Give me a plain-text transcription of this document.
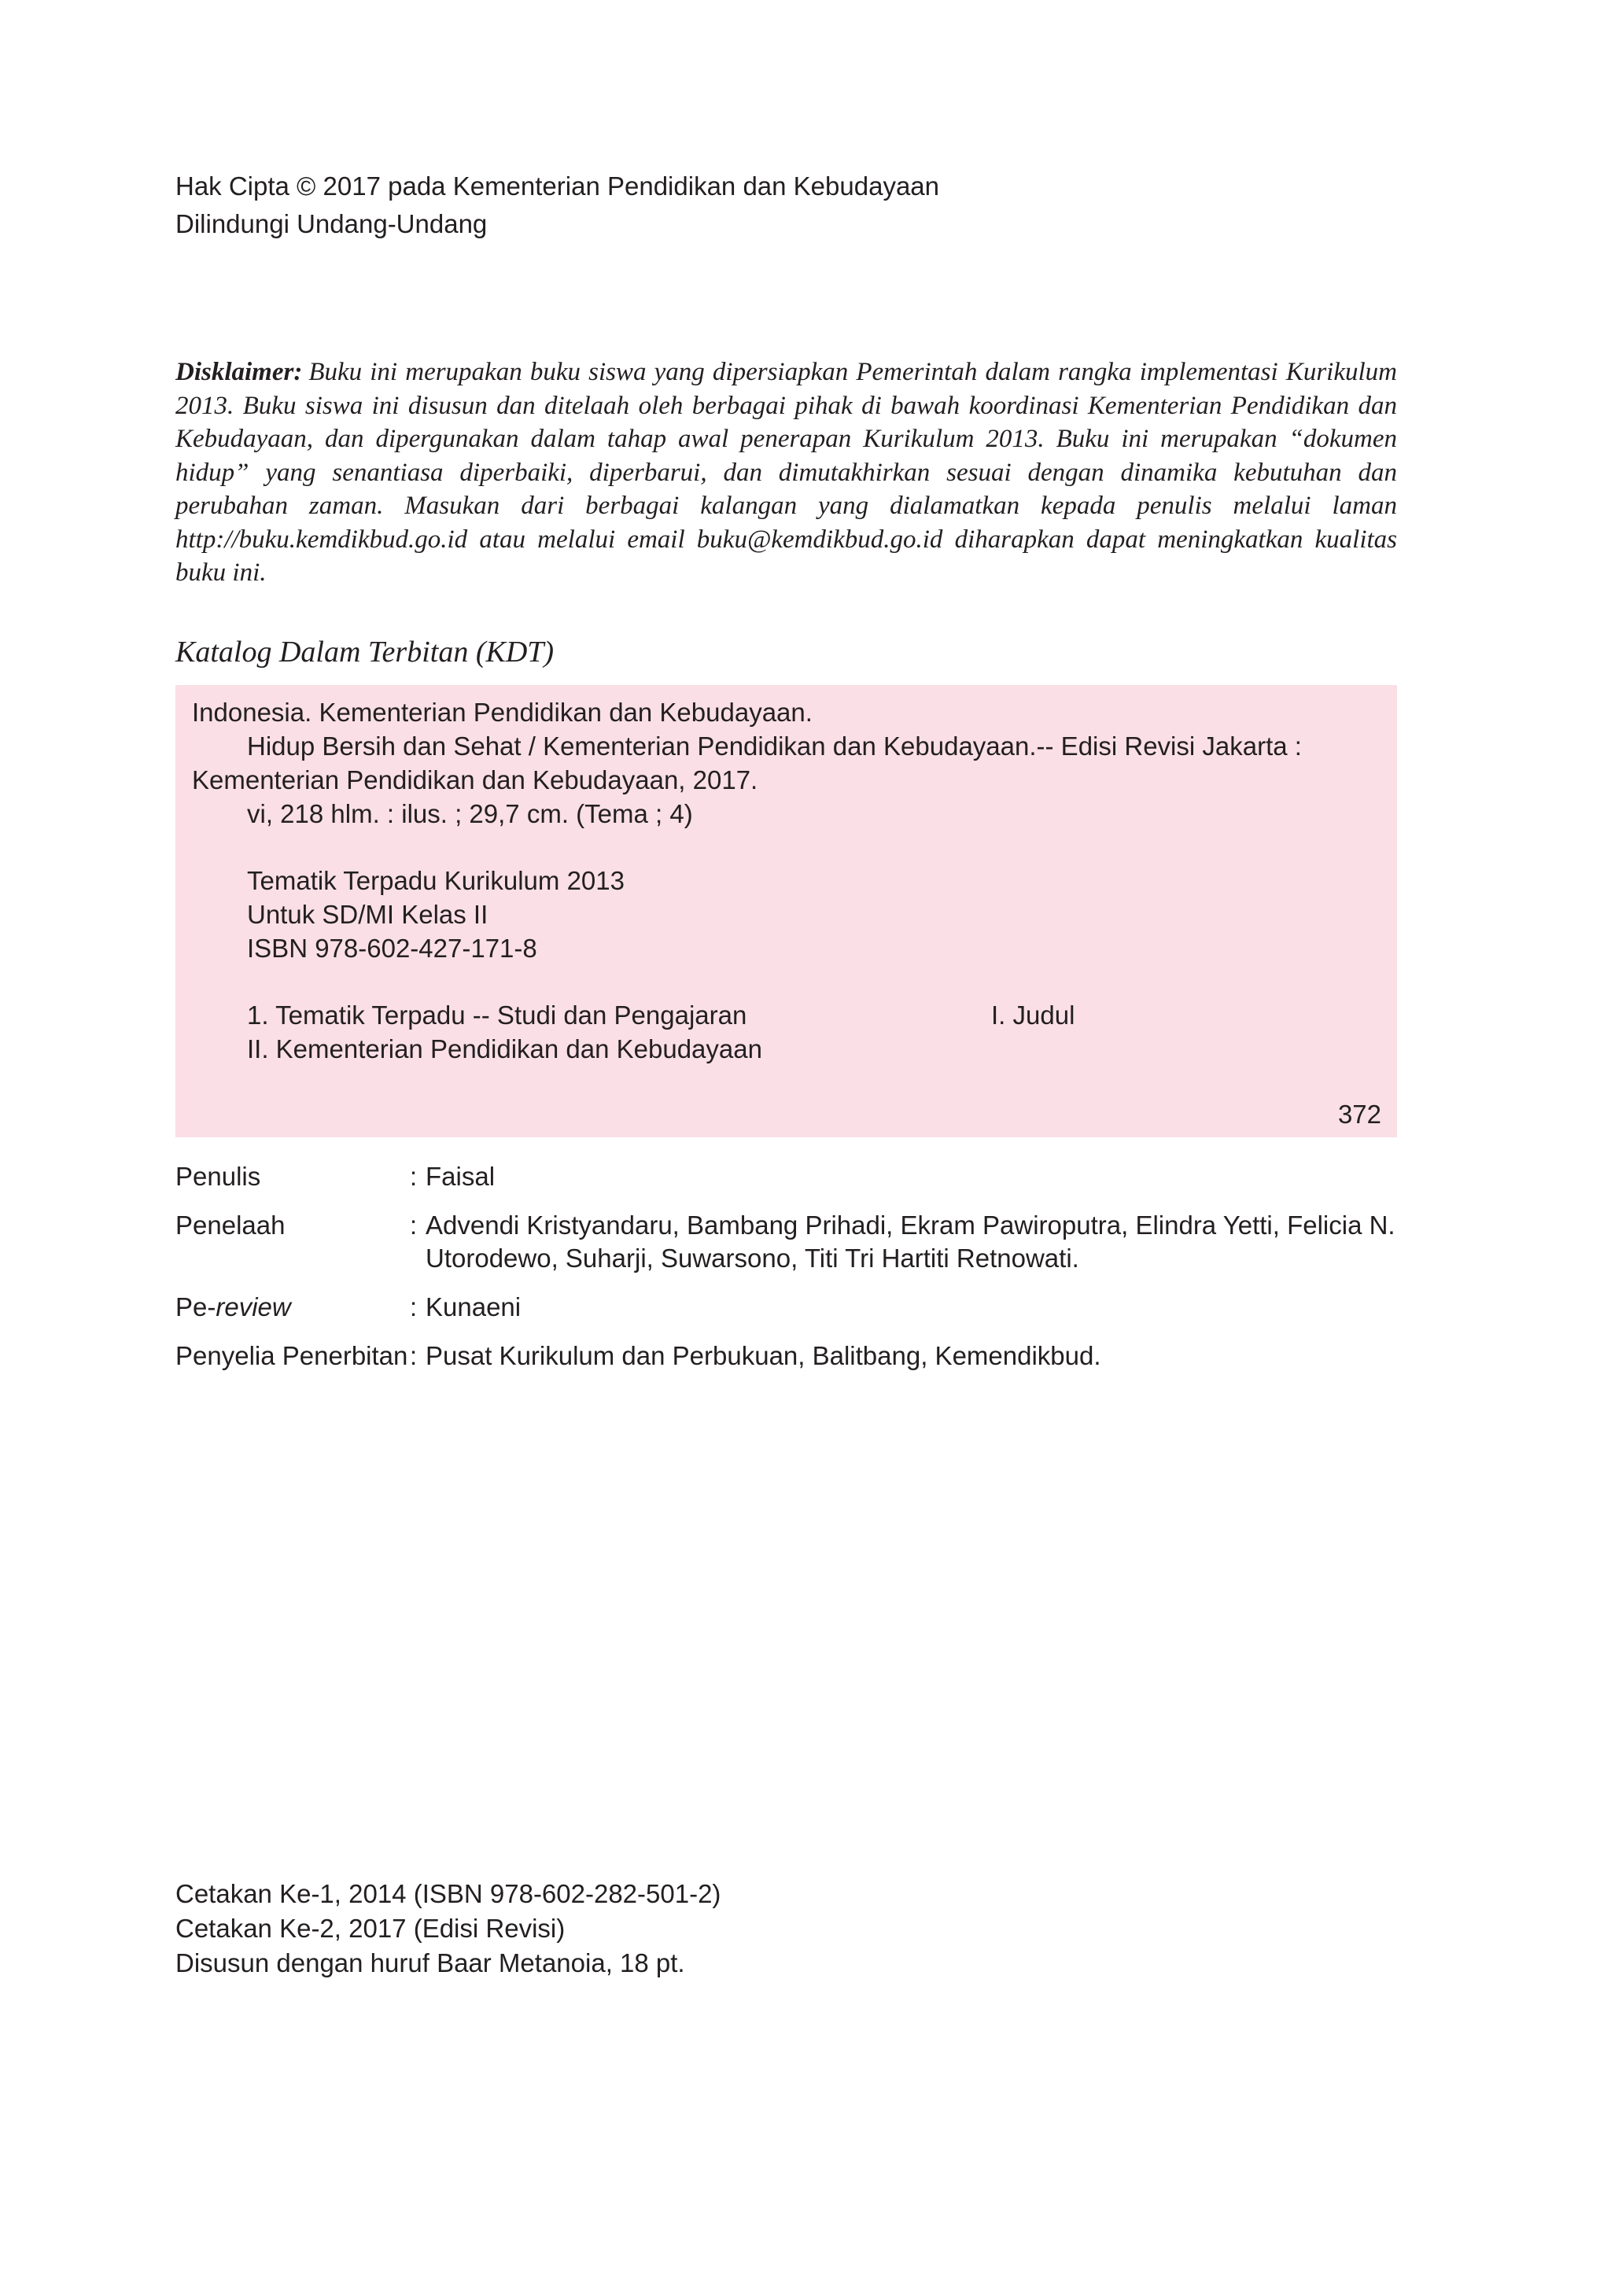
Hak Cipta © 2017 pada Kementerian Pendidikan dan Kebudayaan
Dilindungi Undang-Undang
Disklaimer: Buku ini merupakan buku siswa yang dipersiapkan Pemerintah dalam rangka implementasi Kurikulum 2013. Buku siswa ini disusun dan ditelaah oleh berbagai pihak di bawah koordinasi Kementerian Pendidikan dan Kebudayaan, dan dipergunakan dalam tahap awal penerapan Kurikulum 2013. Buku ini merupakan “dokumen hidup” yang senantiasa diperbaiki, diperbarui, dan dimutakhirkan sesuai dengan dinamika kebutuhan dan perubahan zaman. Masukan dari berbagai kalangan yang dialamatkan kepada penulis melalui laman http://buku.kemdikbud.go.id atau melalui email buku@kemdikbud.go.id diharapkan dapat meningkatkan kualitas buku ini.
Katalog Dalam Terbitan (KDT)
Indonesia. Kementerian Pendidikan dan Kebudayaan.
Hidup Bersih dan Sehat / Kementerian Pendidikan dan Kebudayaan.-- Edisi Revisi Jakarta :
Kementerian Pendidikan dan Kebudayaan, 2017.
vi, 218 hlm. : ilus. ; 29,7 cm. (Tema ; 4)
Tematik Terpadu Kurikulum 2013
Untuk SD/MI Kelas II
ISBN 978-602-427-171-8
1. Tematik Terpadu -- Studi dan Pengajaran	I. Judul
II. Kementerian Pendidikan dan Kebudayaan
372
Penulis	: Faisal
Penelaah	: Advendi Kristyandaru, Bambang Prihadi, Ekram Pawiroputra, Elindra Yetti, Felicia N. Utorodewo, Suharji, Suwarsono, Titi Tri Hartiti Retnowati.
Pe-review	: Kunaeni
Penyelia Penerbitan : Pusat Kurikulum dan Perbukuan, Balitbang, Kemendikbud.
Cetakan Ke-1, 2014 (ISBN 978-602-282-501-2)
Cetakan Ke-2, 2017 (Edisi Revisi)
Disusun dengan huruf Baar Metanoia, 18 pt.
